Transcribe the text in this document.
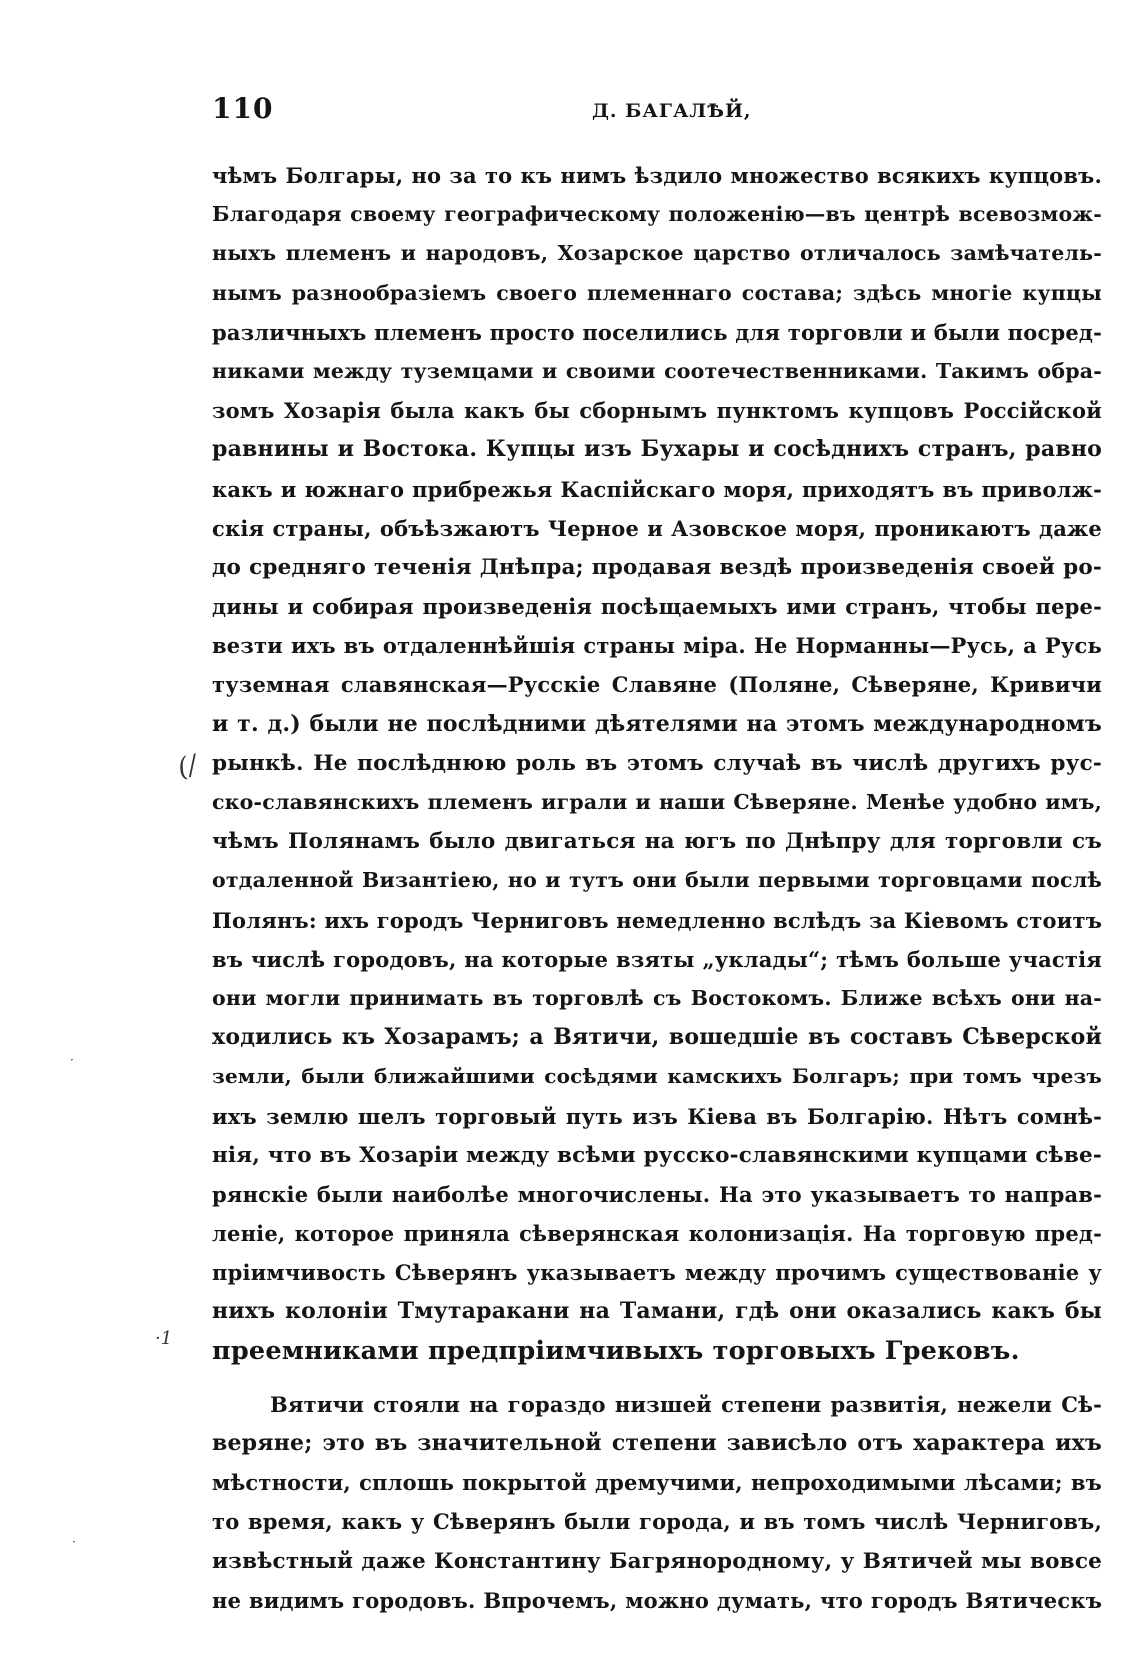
110	Д. БАГАЛѢЙ,
(/
·1
·
·
чѣмъ Болгары, но за то къ нимъ ѣздило множество всякихъ купцовъ.
Благодаря своему географическому положенію—въ центрѣ всевозмож-
ныхъ племенъ и народовъ, Хозарское царство отличалось замѣчатель-
нымъ разнообразіемъ своего племеннаго состава; здѣсь многіе купцы
различныхъ племенъ просто поселились для торговли и были посред-
никами между туземцами и своими соотечественниками. Такимъ обра-
зомъ Хозарія была какъ бы сборнымъ пунктомъ купцовъ Россійской
равнины и Востока. Купцы изъ Бухары и сосѣднихъ странъ, равно
какъ и южнаго прибрежья Каспійскаго моря, приходятъ въ приволж-
скія страны, объѣзжаютъ Черное и Азовское моря, проникаютъ даже
до средняго теченія Днѣпра; продавая вездѣ произведенія своей ро-
дины и собирая произведенія посѣщаемыхъ ими странъ, чтобы пере-
везти ихъ въ отдаленнѣйшія страны міра. Не Норманны—Русь, а Русь
туземная славянская—Русскіе Славяне (Поляне, Сѣверяне, Кривичи
и т. д.) были не послѣдними дѣятелями на этомъ международномъ
рынкѣ. Не послѣднюю роль въ этомъ случаѣ въ числѣ другихъ рус-
ско-славянскихъ племенъ играли и наши Сѣверяне. Менѣе удобно имъ,
чѣмъ Полянамъ было двигаться на югъ по Днѣпру для торговли съ
отдаленной Византіею, но и тутъ они были первыми торговцами послѣ
Полянъ: ихъ городъ Черниговъ немедленно вслѣдъ за Кіевомъ стоитъ
въ числѣ городовъ, на которые взяты „уклады“; тѣмъ больше участія
они могли принимать въ торговлѣ съ Востокомъ. Ближе всѣхъ они на-
ходились къ Хозарамъ; а Вятичи, вошедшіе въ составъ Сѣверской
земли, были ближайшими сосѣдями камскихъ Болгаръ; при томъ чрезъ
ихъ землю шелъ торговый путь изъ Кіева въ Болгарію. Нѣтъ сомнѣ-
нія, что въ Хозаріи между всѣми русско-славянскими купцами сѣве-
рянскіе были наиболѣе многочислены. На это указываетъ то направ-
леніе, которое приняла сѣверянская колонизація. На торговую пред-
пріимчивость Сѣверянъ указываетъ между прочимъ существованіе у
нихъ колоніи Тмутаракани на Тамани, гдѣ они оказались какъ бы
преемниками предпріимчивыхъ торговыхъ Грековъ.
Вятичи стояли на гораздо низшей степени развитія, нежели Сѣ-
веряне; это въ значительной степени зависѣло отъ характера ихъ
мѣстности, сплошь покрытой дремучими, непроходимыми лѣсами; въ
то время, какъ у Сѣверянъ были города, и въ томъ числѣ Черниговъ,
извѣстный даже Константину Багрянородному, у Вятичей мы вовсе
не видимъ городовъ. Впрочемъ, можно думать, что городъ Вятическъ
